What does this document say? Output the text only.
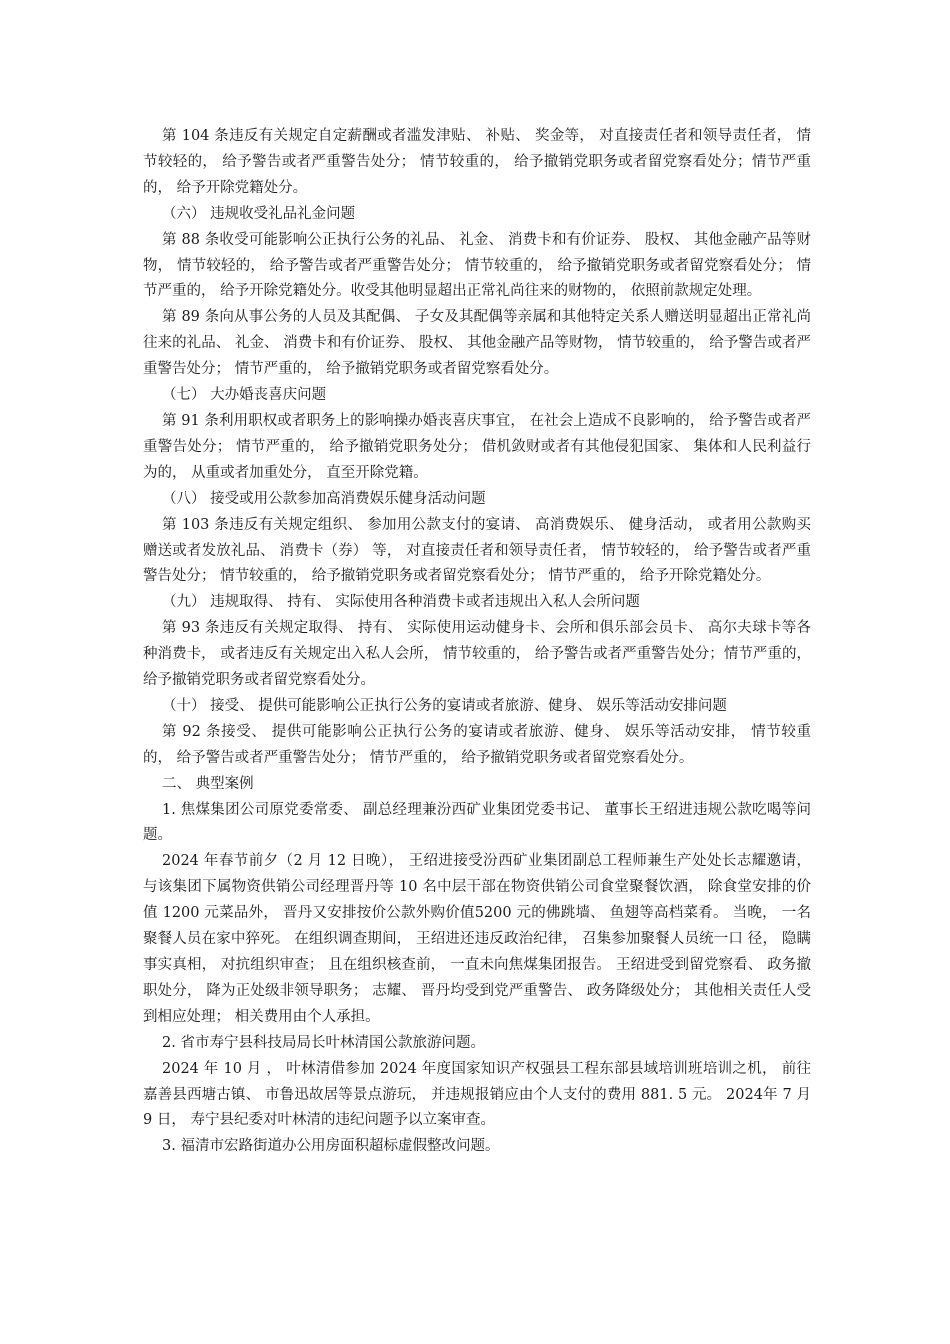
第 104 条违反有关规定自定薪酬或者滥发津贴、 补贴、 奖金等， 对直接责任者和领导责任者， 情节较轻的， 给予警告或者严重警告处分； 情节较重的， 给予撤销党职务或者留党察看处分；情节严重的， 给予开除党籍处分。

（六） 违规收受礼品礼金问题

第 88 条收受可能影响公正执行公务的礼品、 礼金、 消费卡和有价证券、 股权、 其他金融产品等财物， 情节较轻的， 给予警告或者严重警告处分； 情节较重的， 给予撤销党职务或者留党察看处分； 情节严重的， 给予开除党籍处分。收受其他明显超出正常礼尚往来的财物的， 依照前款规定处理。

第 89 条向从事公务的人员及其配偶、 子女及其配偶等亲属和其他特定关系人赠送明显超出正常礼尚往来的礼品、 礼金、 消费卡和有价证券、 股权、 其他金融产品等财物， 情节较重的， 给予警告或者严重警告处分； 情节严重的， 给予撤销党职务或者留党察看处分。

（七） 大办婚丧喜庆问题

第 91 条利用职权或者职务上的影响操办婚丧喜庆事宜， 在社会上造成不良影响的， 给予警告或者严重警告处分； 情节严重的， 给予撤销党职务处分； 借机敛财或者有其他侵犯国家、 集体和人民利益行为的， 从重或者加重处分， 直至开除党籍。

（八） 接受或用公款参加高消费娱乐健身活动问题

第 103 条违反有关规定组织、 参加用公款支付的宴请、 高消费娱乐、 健身活动， 或者用公款购买赠送或者发放礼品、 消费卡（券） 等， 对直接责任者和领导责任者， 情节较轻的， 给予警告或者严重警告处分； 情节较重的， 给予撤销党职务或者留党察看处分； 情节严重的， 给予开除党籍处分。

（九） 违规取得、 持有、 实际使用各种消费卡或者违规出入私人会所问题

第 93 条违反有关规定取得、 持有、 实际使用运动健身卡、会所和俱乐部会员卡、 高尔夫球卡等各种消费卡， 或者违反有关规定出入私人会所， 情节较重的， 给予警告或者严重警告处分；情节严重的， 给予撤销党职务或者留党察看处分。

（十） 接受、 提供可能影响公正执行公务的宴请或者旅游、健身、 娱乐等活动安排问题

第 92 条接受、 提供可能影响公正执行公务的宴请或者旅游、健身、 娱乐等活动安排， 情节较重的， 给予警告或者严重警告处分； 情节严重的， 给予撤销党职务或者留党察看处分。

二、 典型案例

1. 焦煤集团公司原党委常委、 副总经理兼汾西矿业集团党委书记、 董事长王绍进违规公款吃喝等问题。

2024 年春节前夕（2 月 12 日晚）， 王绍进接受汾西矿业集团副总工程师兼生产处处长志耀邀请， 与该集团下属物资供销公司经理晋丹等 10 名中层干部在物资供销公司食堂聚餐饮酒， 除食堂安排的价值 1200 元菜品外， 晋丹又安排按价公款外购价值5200 元的佛跳墙、 鱼翅等高档菜肴。 当晚， 一名聚餐人员在家中猝死。 在组织调查期间， 王绍进还违反政治纪律， 召集参加聚餐人员统一口 径， 隐瞒事实真相， 对抗组织审查； 且在组织核查前， 一直未向焦煤集团报告。 王绍进受到留党察看、 政务撤职处分， 降为正处级非领导职务； 志耀、 晋丹均受到党严重警告、 政务降级处分； 其他相关责任人受到相应处理； 相关费用由个人承担。

2. 省市寿宁县科技局局长叶林清国公款旅游问题。

2024 年 10 月 ， 叶林清借参加 2024 年度国家知识产权强县工程东部县域培训班培训之机， 前往嘉善县西塘古镇、 市鲁迅故居等景点游玩， 并违规报销应由个人支付的费用 881. 5 元。 2024年 7 月 9 日， 寿宁县纪委对叶林清的违纪问题予以立案审查。

3. 福清市宏路街道办公用房面积超标虚假整改问题。
